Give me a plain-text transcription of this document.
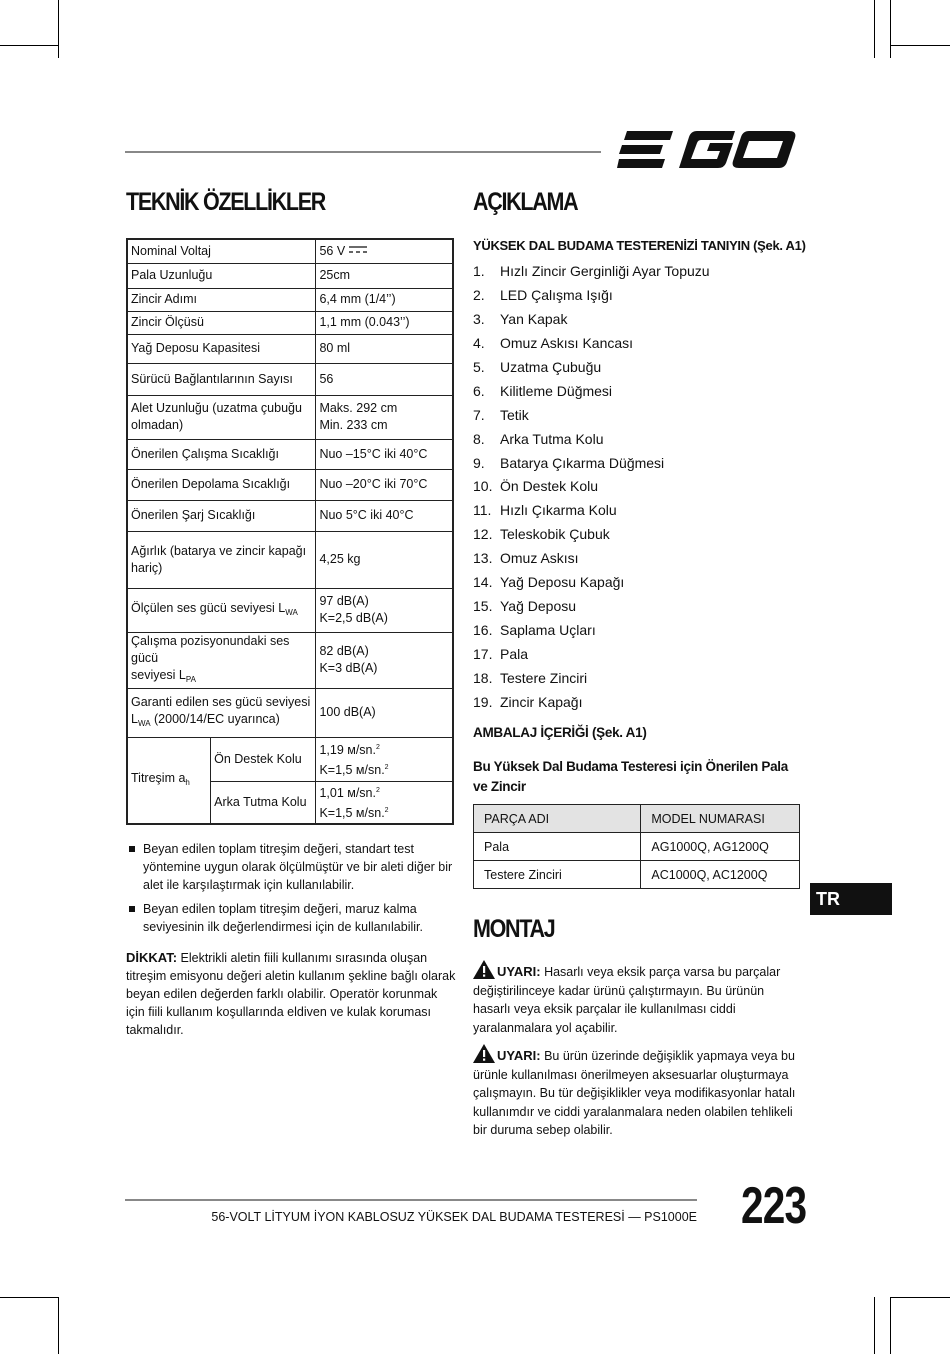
TEKNİK ÖZELLİKLER
Nominal Voltaj		56 V
Pala Uzunluğu		25cm
Zincir Adımı		6,4 mm (1/4’’)
Zincir Ölçüsü		1,1 mm (0.043’’)
Yağ Deposu Kapasitesi		80 ml
Sürücü Bağlantılarının Sayısı		56
Alet Uzunluğu (uzatma çubuğu
olmadan)		Maks. 292 cm
Min. 233 cm
Önerilen Çalışma Sıcaklığı		Nuo –15°C iki 40°C
Önerilen Depolama Sıcaklığı		Nuo –20°C iki 70°C
Önerilen Şarj Sıcaklığı		Nuo 5°C iki 40°C
Ağırlık (batarya ve zincir kapağı
hariç)		4,25 kg
Ölçülen ses gücü seviyesi $L_{WA}$		97 dB(A)
K=2,5 dB(A)
Çalışma pozisyonundaki ses gücü
seviyesi $L_{PA}$		82 dB(A)
K=3 dB(A)
Garanti edilen ses gücü seviyesi
$L_{WA}$ (2000/14/EC uyarınca)		100 dB(A)
Titreşim $a_h$	Ön Destek Kolu	1,19 м/sn.$^2$
K=1,5 м/sn.$^2$
	Arka Tutma Kolu	1,01 м/sn.$^2$
K=1,5 м/sn.$^2$
Beyan edilen toplam titreşim değeri, standart test yöntemine uygun olarak ölçülmüştür ve bir aleti diğer bir alet ile karşılaştırmak için kullanılabilir.
Beyan edilen toplam titreşim değeri, maruz kalma seviyesinin ilk değerlendirmesi için de kullanılabilir.
DİKKAT: Elektrikli aletin fiili kullanımı sırasında oluşan titreşim emisyonu değeri aletin kullanım şekline bağlı olarak beyan edilen değerden farklı olabilir. Operatör korunmak için fiili kullanım koşullarında eldiven ve kulak koruması takmalıdır.
AÇIKLAMA
YÜKSEK DAL BUDAMA TESTERENİZİ TANIYIN (Şek. A1)
1. Hızlı Zincir Gerginliği Ayar Topuzu
2. LED Çalışma Işığı
3. Yan Kapak
4. Omuz Askısı Kancası
5. Uzatma Çubuğu
6. Kilitleme Düğmesi
7. Tetik
8. Arka Tutma Kolu
9. Batarya Çıkarma Düğmesi
10. Ön Destek Kolu
11. Hızlı Çıkarma Kolu
12. Teleskobik Çubuk
13. Omuz Askısı
14. Yağ Deposu Kapağı
15. Yağ Deposu
16. Saplama Uçları
17. Pala
18. Testere Zinciri
19. Zincir Kapağı
AMBALAJ İÇERİĞİ (Şek. A1)
Bu Yüksek Dal Budama Testeresi için Önerilen Pala
ve Zincir
PARÇA ADI	MODEL NUMARASI
Pala	AG1000Q, AG1200Q
Testere Zinciri	AC1000Q, AC1200Q
TR
MONTAJ
UYARI: Hasarlı veya eksik parça varsa bu parçalar değiştirilinceye kadar ürünü çalıştırmayın. Bu ürünün hasarlı veya eksik parçalar ile kullanılması ciddi yaralanmalara yol açabilir.
UYARI: Bu ürün üzerinde değişiklik yapmaya veya bu ürünle kullanılması önerilmeyen aksesuarlar oluşturmaya çalışmayın. Bu tür değişiklikler veya modifikasyonlar hatalı kullanımdır ve ciddi yaralanmalara neden olabilen tehlikeli bir duruma sebep olabilir.
56-VOLT LİTYUM İYON KABLOSUZ YÜKSEK DAL BUDAMA TESTERESİ — PS1000E 223
